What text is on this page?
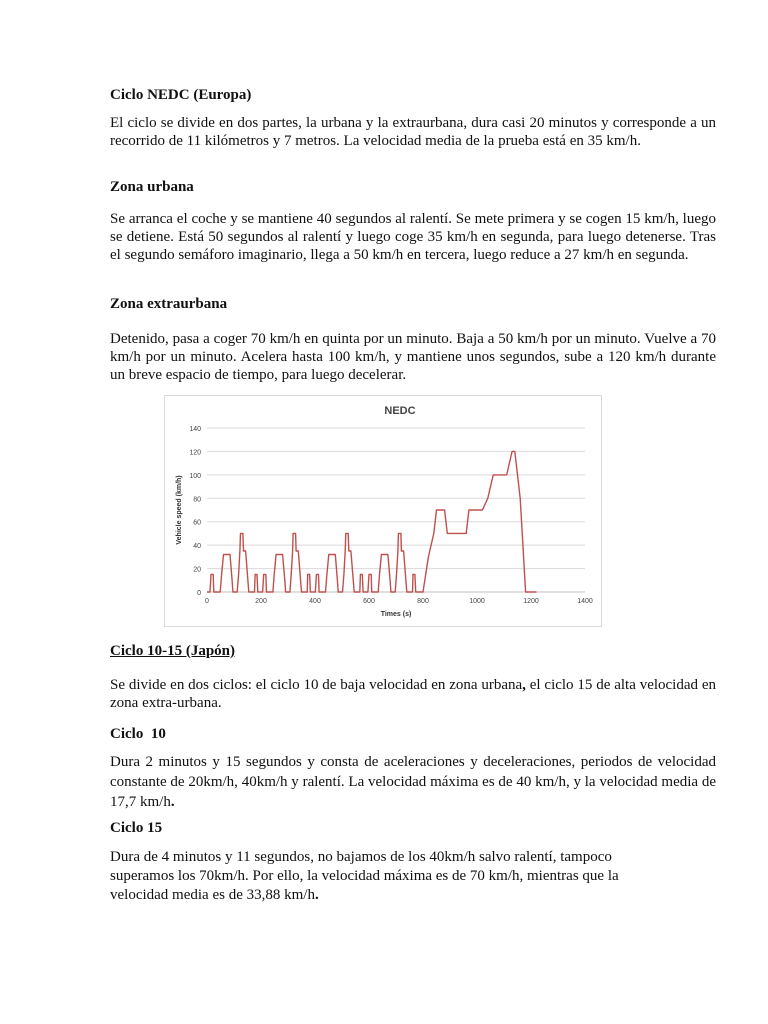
Ciclo NEDC (Europa)

El ciclo se divide en dos partes, la urbana y la extraurbana, dura casi 20 minutos y corresponde a un recorrido de 11 kilómetros y 7 metros. La velocidad media de la prueba está en 35 km/h.

Zona urbana

Se arranca el coche y se mantiene 40 segundos al ralentí. Se mete primera y se cogen 15 km/h, luego se detiene. Está 50 segundos al ralentí y luego coge 35 km/h en segunda, para luego detenerse. Tras el segundo semáforo imaginario, llega a 50 km/h en tercera, luego reduce a 27 km/h en segunda.

Zona extraurbana

Detenido, pasa a coger 70 km/h en quinta por un minuto. Baja a 50 km/h por un minuto. Vuelve a 70 km/h por un minuto. Acelera hasta 100 km/h, y mantiene unos segundos, sube a 120 km/h durante un breve espacio de tiempo, para luego decelerar.

Ciclo 10-15 (Japón)

Se divide en dos ciclos: el ciclo 10 de baja velocidad en zona urbana, el ciclo 15 de alta velocidad en zona extra-urbana.

Ciclo  10

Dura 2 minutos y 15 segundos y consta de aceleraciones y deceleraciones, periodos de velocidad constante de 20km/h, 40km/h y ralentí. La velocidad máxima es de 40 km/h, y la velocidad media de 17,7 km/h.

Ciclo 15

Dura de 4 minutos y 11 segundos, no bajamos de los 40km/h salvo ralentí, tampoco superamos los 70km/h. Por ello, la velocidad máxima es de 70 km/h, mientras que la velocidad media es de 33,88 km/h.

0
20
40
60
80
100
120
140
0	200	400	600	800	1000	1200	1400
NEDC
Times (s)
Vehicle speed (km/h)
